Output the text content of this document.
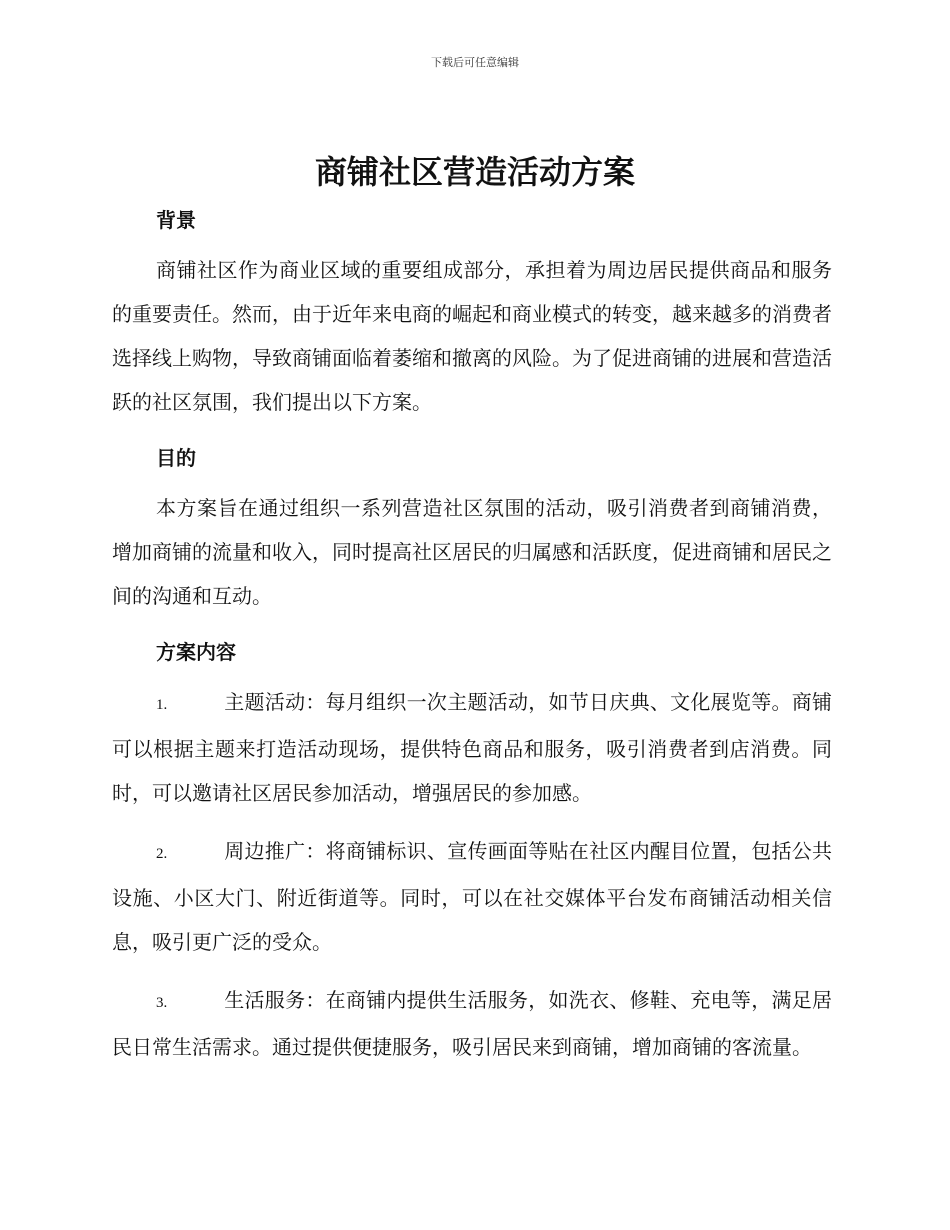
下载后可任意编辑
商铺社区营造活动方案
背景

商铺社区作为商业区域的重要组成部分，承担着为周边居民提供商品和服务的重要责任。然而，由于近年来电商的崛起和商业模式的转变，越来越多的消费者选择线上购物，导致商铺面临着萎缩和撤离的风险。为了促进商铺的进展和营造活跃的社区氛围，我们提出以下方案。

目的

本方案旨在通过组织一系列营造社区氛围的活动，吸引消费者到商铺消费，增加商铺的流量和收入，同时提高社区居民的归属感和活跃度，促进商铺和居民之间的沟通和互动。

方案内容

1.	主题活动：每月组织一次主题活动，如节日庆典、文化展览等。商铺可以根据主题来打造活动现场，提供特色商品和服务，吸引消费者到店消费。同时，可以邀请社区居民参加活动，增强居民的参加感。

2.	周边推广：将商铺标识、宣传画面等贴在社区内醒目位置，包括公共设施、小区大门、附近街道等。同时，可以在社交媒体平台发布商铺活动相关信息，吸引更广泛的受众。

3.	生活服务：在商铺内提供生活服务，如洗衣、修鞋、充电等，满足居民日常生活需求。通过提供便捷服务，吸引居民来到商铺，增加商铺的客流量。
